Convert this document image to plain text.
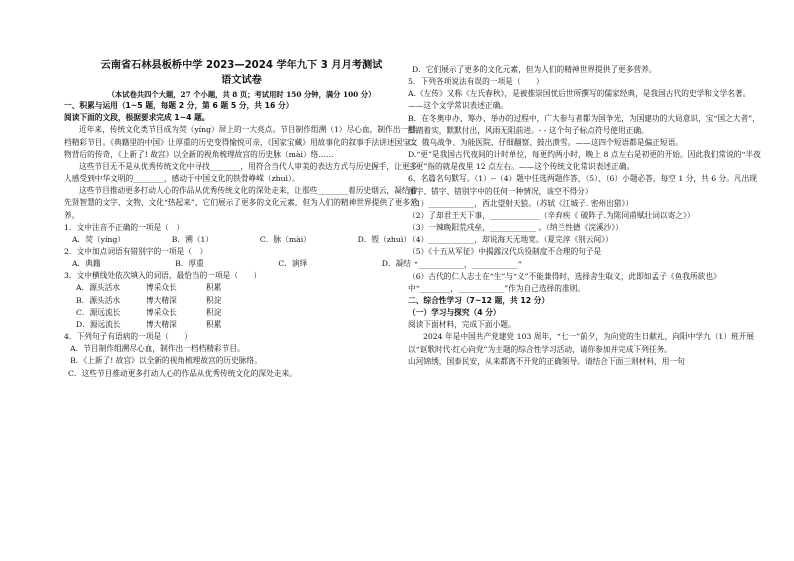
云南省石林县板桥中学 2023—2024 学年九下 3 月月考测试
语文试卷
（本试卷共四个大题，27 个小题，共 8 页；考试用时 150 分钟，满分 100 分）

一、积累与运用（1~5 题，每题 2 分，第 6 题 5 分，共 16 分）

阅读下面的文段，根据要求完成 1~4 题。

近年来，传统文化类节目成为荧（yíng）屏上的一大亮点。节目制作组溯（1）尽心血，制作出一档档精彩节目。《典籍里的中国》让厚重的历史变得愉悦可亲，《国家宝藏》用故事化的叙事手法讲述国宝文物背后的传奇，《上新了! 故宫》以全新的视角梳理故宫的历史脉（mài）络……

这些节目无不是从优秀传统文化中寻找________，用符合当代人审美的表达方式与历史握手，让更多人感受到中华文明的________，感动于中国文化的铁骨峥嵘（zhuì）。

这些节目推动更多打动人心的作品从优秀传统文化的深处走来，让那些________着历史烟云，凝结着先贤智慧的文字、文物、文化“热起来”，它们展示了更多的文化元素，但为人们的精神世界提供了更多营养。

1．文中注音不正确的一项是（　）

A．荧（yíng）	B．溯（1）	C．脉（mài）	D．铿（zhuì）

2．文中加点词语有错别字的一项是（　）

A．典籍	B．厚重	C．演绎	D．凝结

3．文中横线处依次填入的词语，最恰当的一项是（　　）

A．源头活水	博采众长	积累
B．源头活水	博大精深	积淀
C．源远流长	博采众长	积淀
D．源远流长	博大精深	积累

4．下列句子有语病的一项是（　　）

A．节目制作组溯尽心血，制作出一档档精彩节目。

B．《上新了! 故宫》以全新的视角梳理故宫的历史脉络。

C．这些节目推动更多打动人心的作品从优秀传统文化的深处走来。

D．它们展示了更多的文化元素，但为人们的精神世界提供了更多营养。

5．下列各项说法有误的一项是（　　）

A.《左传》又称《左氏春秋》，是被推崇国忧后世所撰写的儒家经典，是我国古代的史学和文学名著。——这个文学常识表述正确。

B．在冬奥申办、筹办、举办的过程中，广大参与者都为国争光，为国建功的大局意识，宝“国之大者”，脚踏着实，默默付出，风雨无阻前进。- - 这个句子标点符号使用正确。

C．俄乌战争、为能医院、仔细翻察、鼓出溃雪。——这四个短语都是偏正短语。

D.“更”是我国古代夜间的计时单位，每更约两小时，晚上 8 点左右是初更的开始。因此我们常说的“半夜三更”指的就是夜里 12 点左右。——这个传统文化常识表述正确。

6、名篇名句默写。（1）--（4）题中任选两题作答，（5）、（6）小题必答，每空 1 分，共 6 分。凡出现加字、错字、错别字中的任何一种情况，该空不得分）

（1）____________，西北望射天狼。（苏轼《江城子. 密州出猎》）

（2）了却君王天下事，_____________（辛弃疾《 破阵子.为陈同甫赋壮词以寄之》）

（3）一辣晚阳荒戍垒，____________ 。（纳兰性德《浣溪沙》）

（4）____________，却说海天无地宽。（夏完淳《别云间》）

（5）《十五从军征》中揭露汉代兵役制度不合理的句子是

“____________，____________”

（6）古代的仁人志士在“生”与“义”不能兼得时，选择舍生取义，此即如孟子《鱼我所欲也》中“________，____________”作为自己选择的准则。

二、综合性学习（7~12 题，共 12 分）

（一）学习与探究（4 分）

阅读下面材料，完成下面小题。

2024 年是中国共产党建党 103 周年，“七一”前夕，为向党的生日献礼，向阳中学九（1）班开展以“讴歌时代·红心向党”为主题的综合性学习活动，请你参加并完成下列任务。

山河锦绣，国泰民安，从来都离不开党的正确领导。请结合下面三则材料，用一句
